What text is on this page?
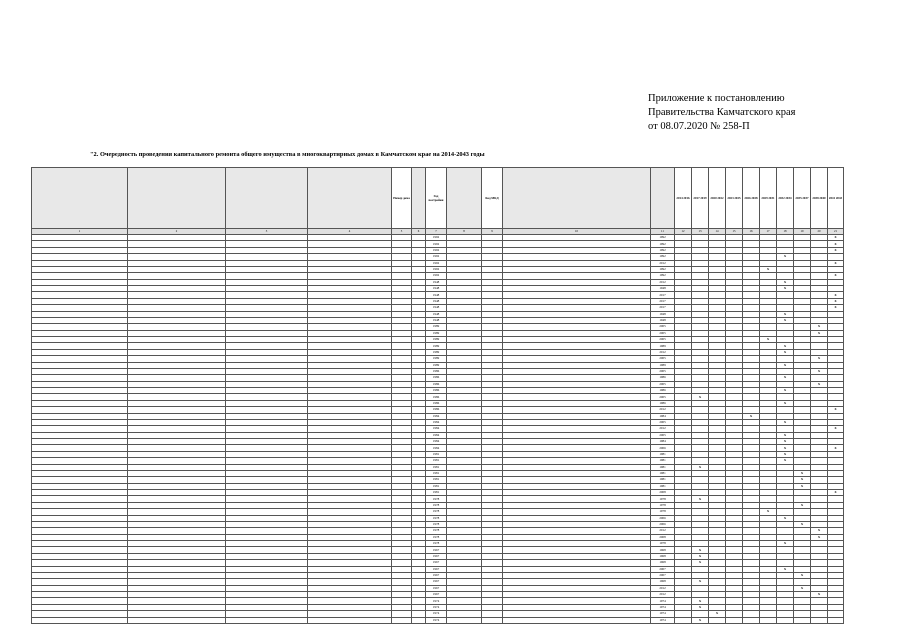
Приложение к постановлению
Правительства Камчатского края
от 08.07.2020 № 258-П
"2. Очередность проведения капитального ремонта общего имущества в многоквартирных домах в Камчатском крае на 2014-2043 годы
				Номер дома		Год постройки		Код МКД			2014 2016	2017 2019	2020 2022	2023 2025	2026 2028	2029 2031	2032 2034	2035 2037	2038 2040	2041 2043
1	2	3	4	5	6	7	8	9	10	11	12	13	14	15	16	17	18	19	20	21
						1992				1992										X
						1992				1992										X
						1992				1992										X
						1992				1992							X			
						1992				2012										X
						1992				1992						X				
						1992				1992										X
						1948				2012							X			
						1948				1948							X			
						1948				2017										X
						1948				2017										X
						1948				2017										X
						1948				1948							X			
						1948				1948							X			
						1989				2005									X	
						1989				2005									X	
						1989				2005						X				
						1989				1989							X			
						1989				2012							X			
						1989				2005									X	
						1989				1989							X			
						1986				2005									X	
						1986				1986							X			
						1986				2005									X	
						1986				1986							X			
						1986				2005		X								
						1986				1986							X			
						1986				2012										X
						1984				1984					X					
						1984				2005							X			
						1984				2012										X
						1984				2005							X			
						1984				1984							X			
						1984				2006							X			X
						1981				1981							X			
						1981				1981							X			
						1981				1981		X								
						1981				1981								X		
						1981				1981								X		
						1981				1981								X		
						1981				2008										X
						1978				1978		X								
						1978				1978								X		
						1978				1978						X				
						1978				2006							X			
						1978				2006								X		
						1978				2012									X	
						1978				2008									X	
						1978				1978							X			
						1967				1968		X								
						1967				1968		X								
						1967				1968		X								
						1967				2007							X			
						1967				2007								X		
						1967				1968		X								
						1967				2012								X		
						1967				2012									X	
						1974				1974		X								
						1974				1974		X								
						1974				1974			X							
						1974				1974		X								
